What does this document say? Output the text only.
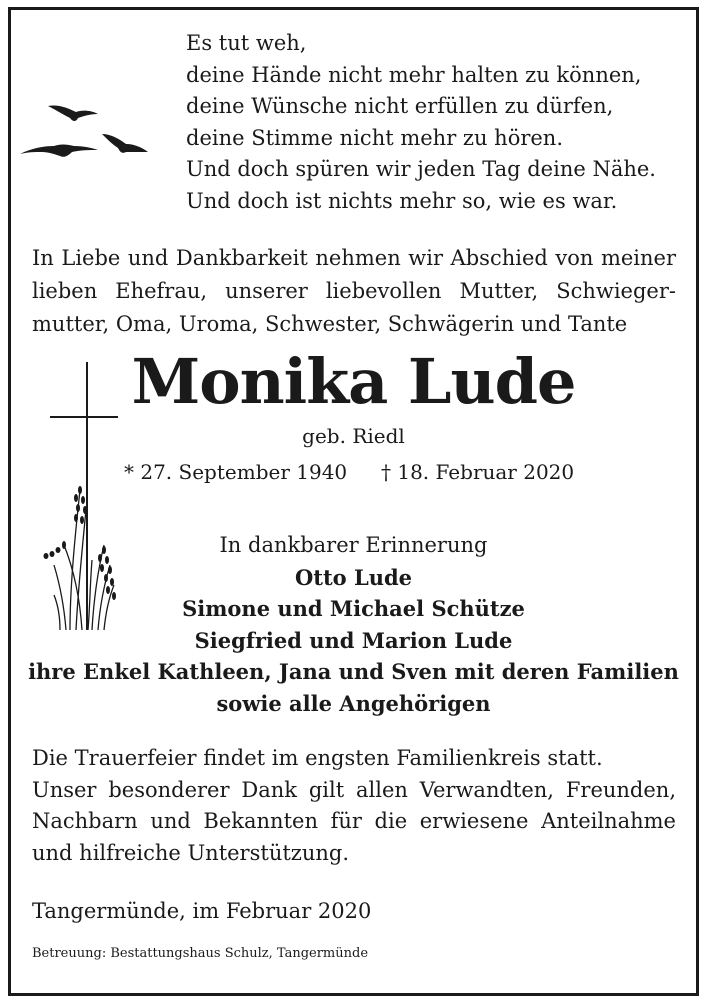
Es tut weh,
deine Hände nicht mehr halten zu können,
deine Wünsche nicht erfüllen zu dürfen,
deine Stimme nicht mehr zu hören.
Und doch spüren wir jeden Tag deine Nähe.
Und doch ist nichts mehr so, wie es war.
In Liebe und Dankbarkeit nehmen wir Abschied von meiner
lieben Ehefrau, unserer liebevollen Mutter, Schwieger-
mutter, Oma, Uroma, Schwester, Schwägerin und Tante
Monika Lude
geb. Riedl
* 27. September 1940 † 18. Februar 2020
In dankbarer Erinnerung
Otto Lude
Simone und Michael Schütze
Siegfried und Marion Lude
ihre Enkel Kathleen, Jana und Sven mit deren Familien
sowie alle Angehörigen
Die Trauerfeier findet im engsten Familienkreis statt.
Unser besonderer Dank gilt allen Verwandten, Freunden,
Nachbarn und Bekannten für die erwiesene Anteilnahme
und hilfreiche Unterstützung.
Tangermünde, im Februar 2020
Betreuung: Bestattungshaus Schulz, Tangermünde
